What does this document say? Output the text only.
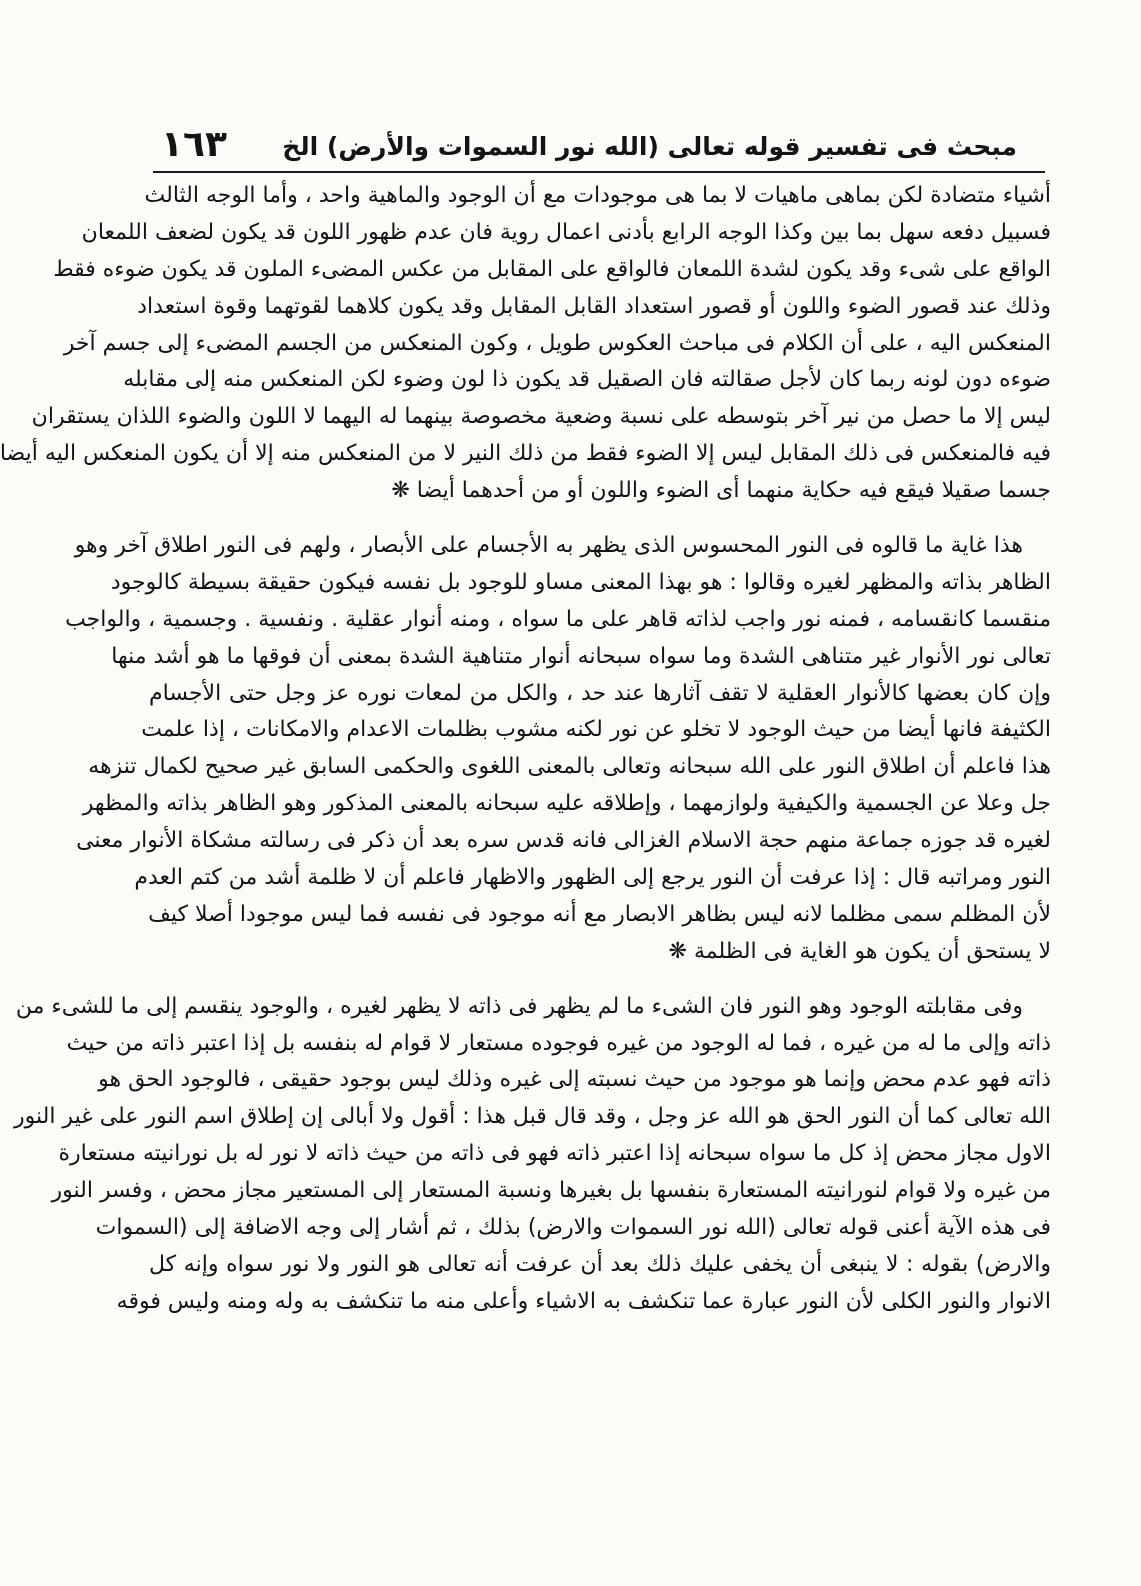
مبحث فى تفسير قوله تعالى (الله نور السموات والأرض) الخ
١٦٣
أشياء متضادة لكن بماهى ماهيات لا بما هى موجودات مع أن الوجود والماهية واحد ، وأما الوجه الثالث
فسبيل دفعه سهل بما بين وكذا الوجه الرابع بأدنى اعمال روية فان عدم ظهور اللون قد يكون لضعف اللمعان
الواقع على شىء وقد يكون لشدة اللمعان فالواقع على المقابل من عكس المضىء الملون قد يكون ضوءه فقط
وذلك عند قصور الضوء واللون أو قصور استعداد القابل المقابل وقد يكون كلاهما لقوتهما وقوة استعداد
المنعكس اليه ، على أن الكلام فى مباحث العكوس طويل ، وكون المنعكس من الجسم المضىء إلى جسم آخر
ضوءه دون لونه ربما كان لأجل صقالته فان الصقيل قد يكون ذا لون وضوء لكن المنعكس منه إلى مقابله
ليس إلا ما حصل من نير آخر بتوسطه على نسبة وضعية مخصوصة بينهما له اليهما لا اللون والضوء اللذان يستقران
فيه فالمنعكس فى ذلك المقابل ليس إلا الضوء فقط من ذلك النير لا من المنعكس منه إلا أن يكون المنعكس اليه أيضا
جسما صقيلا فيقع فيه حكاية منهما أى الضوء واللون أو من أحدهما أيضا ❋
هذا غاية ما قالوه فى النور المحسوس الذى يظهر به الأجسام على الأبصار ، ولهم فى النور اطلاق آخر وهو
الظاهر بذاته والمظهر لغيره وقالوا : هو بهذا المعنى مساو للوجود بل نفسه فيكون حقيقة بسيطة كالوجود
منقسما كانقسامه ، فمنه نور واجب لذاته قاهر على ما سواه ، ومنه أنوار عقلية . ونفسية . وجسمية ، والواجب
تعالى نور الأنوار غير متناهى الشدة وما سواه سبحانه أنوار متناهية الشدة بمعنى أن فوقها ما هو أشد منها
وإن كان بعضها كالأنوار العقلية لا تقف آثارها عند حد ، والكل من لمعات نوره عز وجل حتى الأجسام
الكثيفة فانها أيضا من حيث الوجود لا تخلو عن نور لكنه مشوب بظلمات الاعدام والامكانات ، إذا علمت
هذا فاعلم أن اطلاق النور على الله سبحانه وتعالى بالمعنى اللغوى والحكمى السابق غير صحيح لكمال تنزهه
جل وعلا عن الجسمية والكيفية ولوازمهما ، وإطلاقه عليه سبحانه بالمعنى المذكور وهو الظاهر بذاته والمظهر
لغيره قد جوزه جماعة منهم حجة الاسلام الغزالى فانه قدس سره بعد أن ذكر فى رسالته مشكاة الأنوار معنى
النور ومراتبه قال : إذا عرفت أن النور يرجع إلى الظهور والاظهار فاعلم أن لا ظلمة أشد من كتم العدم
لأن المظلم سمى مظلما لانه ليس بظاهر الابصار مع أنه موجود فى نفسه فما ليس موجودا أصلا كيف
لا يستحق أن يكون هو الغاية فى الظلمة ❋
وفى مقابلته الوجود وهو النور فان الشىء ما لم يظهر فى ذاته لا يظهر لغيره ، والوجود ينقسم إلى ما للشىء من
ذاته وإلى ما له من غيره ، فما له الوجود من غيره فوجوده مستعار لا قوام له بنفسه بل إذا اعتبر ذاته من حيث
ذاته فهو عدم محض وإنما هو موجود من حيث نسبته إلى غيره وذلك ليس بوجود حقيقى ، فالوجود الحق هو
الله تعالى كما أن النور الحق هو الله عز وجل ، وقد قال قبل هذا : أقول ولا أبالى إن إطلاق اسم النور على غير النور
الاول مجاز محض إذ كل ما سواه سبحانه إذا اعتبر ذاته فهو فى ذاته من حيث ذاته لا نور له بل نورانيته مستعارة
من غيره ولا قوام لنورانيته المستعارة بنفسها بل بغيرها ونسبة المستعار إلى المستعير مجاز محض ، وفسر النور
فى هذه الآية أعنى قوله تعالى (الله نور السموات والارض) بذلك ، ثم أشار إلى وجه الاضافة إلى (السموات
والارض) بقوله : لا ينبغى أن يخفى عليك ذلك بعد أن عرفت أنه تعالى هو النور ولا نور سواه وإنه كل
الانوار والنور الكلى لأن النور عبارة عما تنكشف به الاشياء وأعلى منه ما تنكشف به وله ومنه وليس فوقه
